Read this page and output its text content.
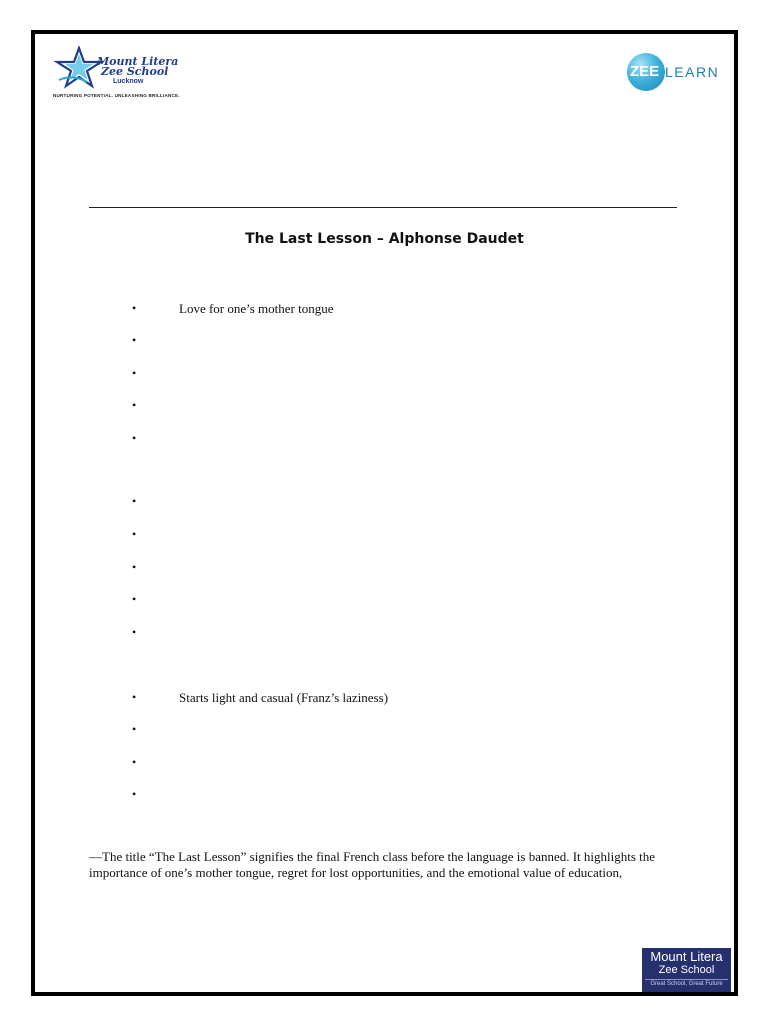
Mount Litera
Zee School
Lucknow
NURTURING POTENTIAL. UNLEASHING BRILLIANCE.
ZEE LEARN
The Last Lesson – Alphonse Daudet
•	Love for one’s mother tongue
•
•
•
•
•
•
•
•
•
•	Starts light and casual (Franz’s laziness)
•
•
•
—The title “The Last Lesson” signifies the final French class before the language is banned. It highlights the importance of one’s mother tongue, regret for lost opportunities, and the emotional value of education,
Mount Litera
Zee School
Great School, Great Future
